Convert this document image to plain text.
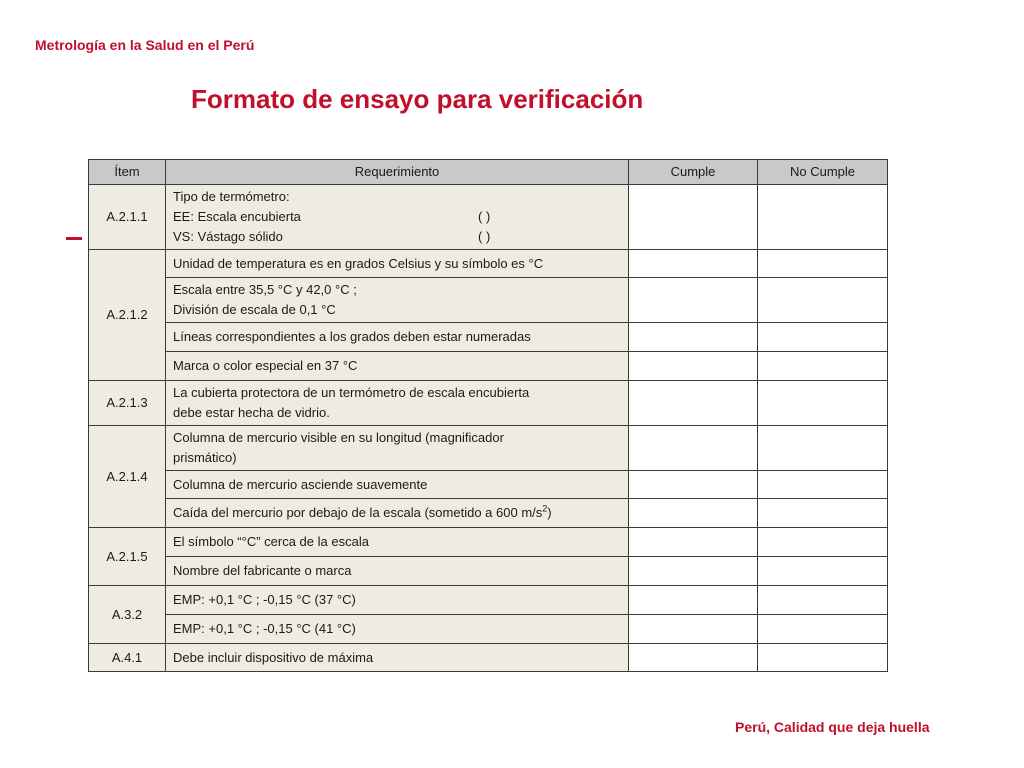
Metrología en la Salud en el Perú
Formato de ensayo para verificación
Ítem	Requerimiento	Cumple	No Cumple
A.2.1.1	Tipo de termómetro:
EE: Escala encubierta ( )
VS: Vástago sólido ( )		

A.2.1.2	Unidad de temperatura es en grados Celsius y su símbolo es °C		

	Escala entre 35,5 °C y 42,0 °C ;
División de escala de 0,1 °C		

	Líneas correspondientes a los grados deben estar numeradas		

	Marca o color especial en 37 °C		

A.2.1.3	La cubierta protectora de un termómetro de escala encubierta
debe estar hecha de vidrio.		

A.2.1.4	Columna de mercurio visible en su longitud (magnificador
prismático)		

	Columna de mercurio asciende suavemente		

	Caída del mercurio por debajo de la escala (sometido a 600 $m/s^2$)		

A.2.1.5	El símbolo “°C” cerca de la escala		

	Nombre del fabricante o marca		

A.3.2	EMP: +0,1 °C ; -0,15 °C (37 °C)		

	EMP: +0,1 °C ; -0,15 °C (41 °C)		

A.4.1	Debe incluir dispositivo de máxima		

Perú, Calidad que deja huella
